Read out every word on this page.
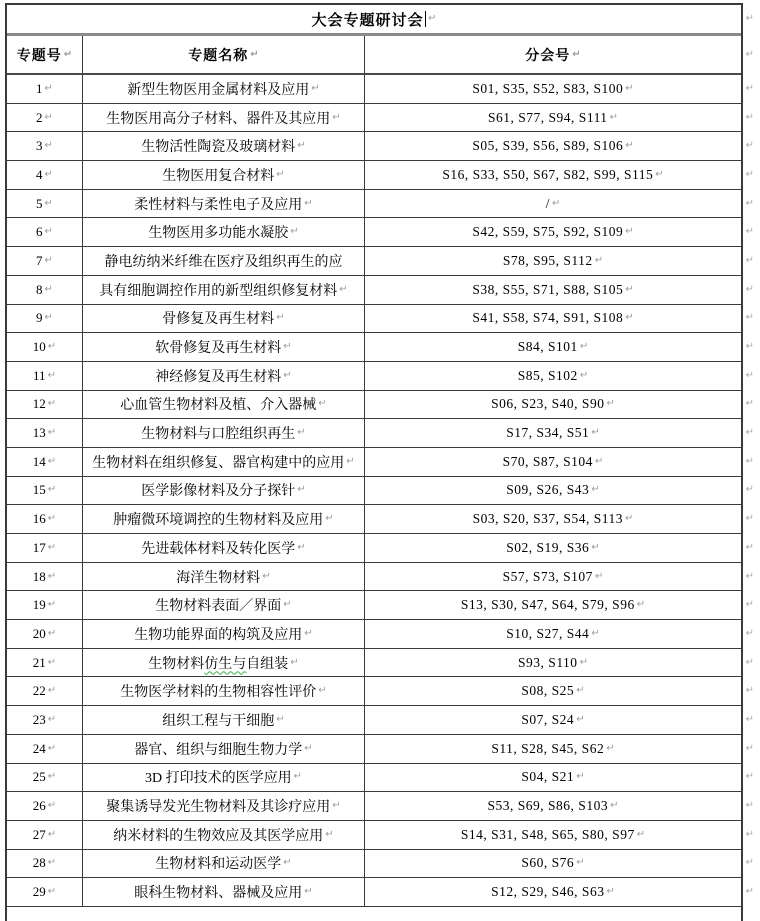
大会专题研讨会 ↵	↵
专题号 ↵	专题名称 ↵	分会号 ↵	↵
1 ↵	新型生物医用金属材料及应用 ↵	S01, S35, S52, S83, S100 ↵	↵
2 ↵	生物医用高分子材料、器件及其应用 ↵	S61, S77, S94, S111 ↵	↵
3 ↵	生物活性陶瓷及玻璃材料 ↵	S05, S39, S56, S89, S106 ↵	↵
4 ↵	生物医用复合材料 ↵	S16, S33, S50, S67, S82, S99, S115 ↵	↵
5 ↵	柔性材料与柔性电子及应用 ↵	/ ↵	↵
6 ↵	生物医用多功能水凝胶 ↵	S42, S59, S75, S92, S109 ↵	↵
7 ↵	静电纺纳米纤维在医疗及组织再生的应	S78, S95, S112 ↵	↵
8 ↵	具有细胞调控作用的新型组织修复材料 ↵	S38, S55, S71, S88, S105 ↵	↵
9 ↵	骨修复及再生材料 ↵	S41, S58, S74, S91, S108 ↵	↵
10 ↵	软骨修复及再生材料 ↵	S84, S101 ↵	↵
11 ↵	神经修复及再生材料 ↵	S85, S102 ↵	↵
12 ↵	心血管生物材料及植、介入器械 ↵	S06, S23, S40, S90 ↵	↵
13 ↵	生物材料与口腔组织再生 ↵	S17, S34, S51 ↵	↵
14 ↵	生物材料在组织修复、器官构建中的应用 ↵	S70, S87, S104 ↵	↵
15 ↵	医学影像材料及分子探针 ↵	S09, S26, S43 ↵	↵
16 ↵	肿瘤微环境调控的生物材料及应用 ↵	S03, S20, S37, S54, S113 ↵	↵
17 ↵	先进载体材料及转化医学 ↵	S02, S19, S36 ↵	↵
18 ↵	海洋生物材料 ↵	S57, S73, S107 ↵	↵
19 ↵	生物材料表面／界面 ↵	S13, S30, S47, S64, S79, S96 ↵	↵
20 ↵	生物功能界面的构筑及应用 ↵	S10, S27, S44 ↵	↵
21 ↵	生物材料仿生与自组装 ↵	S93, S110 ↵	↵
22 ↵	生物医学材料的生物相容性评价 ↵	S08, S25 ↵	↵
23 ↵	组织工程与干细胞 ↵	S07, S24 ↵	↵
24 ↵	器官、组织与细胞生物力学 ↵	S11, S28, S45, S62 ↵	↵
25 ↵	3D 打印技术的医学应用 ↵	S04, S21 ↵	↵
26 ↵	聚集诱导发光生物材料及其诊疗应用 ↵	S53, S69, S86, S103 ↵	↵
27 ↵	纳米材料的生物效应及其医学应用 ↵	S14, S31, S48, S65, S80, S97 ↵	↵
28 ↵	生物材料和运动医学 ↵	S60, S76 ↵	↵
29 ↵	眼科生物材料、器械及应用 ↵	S12, S29, S46, S63 ↵	↵
